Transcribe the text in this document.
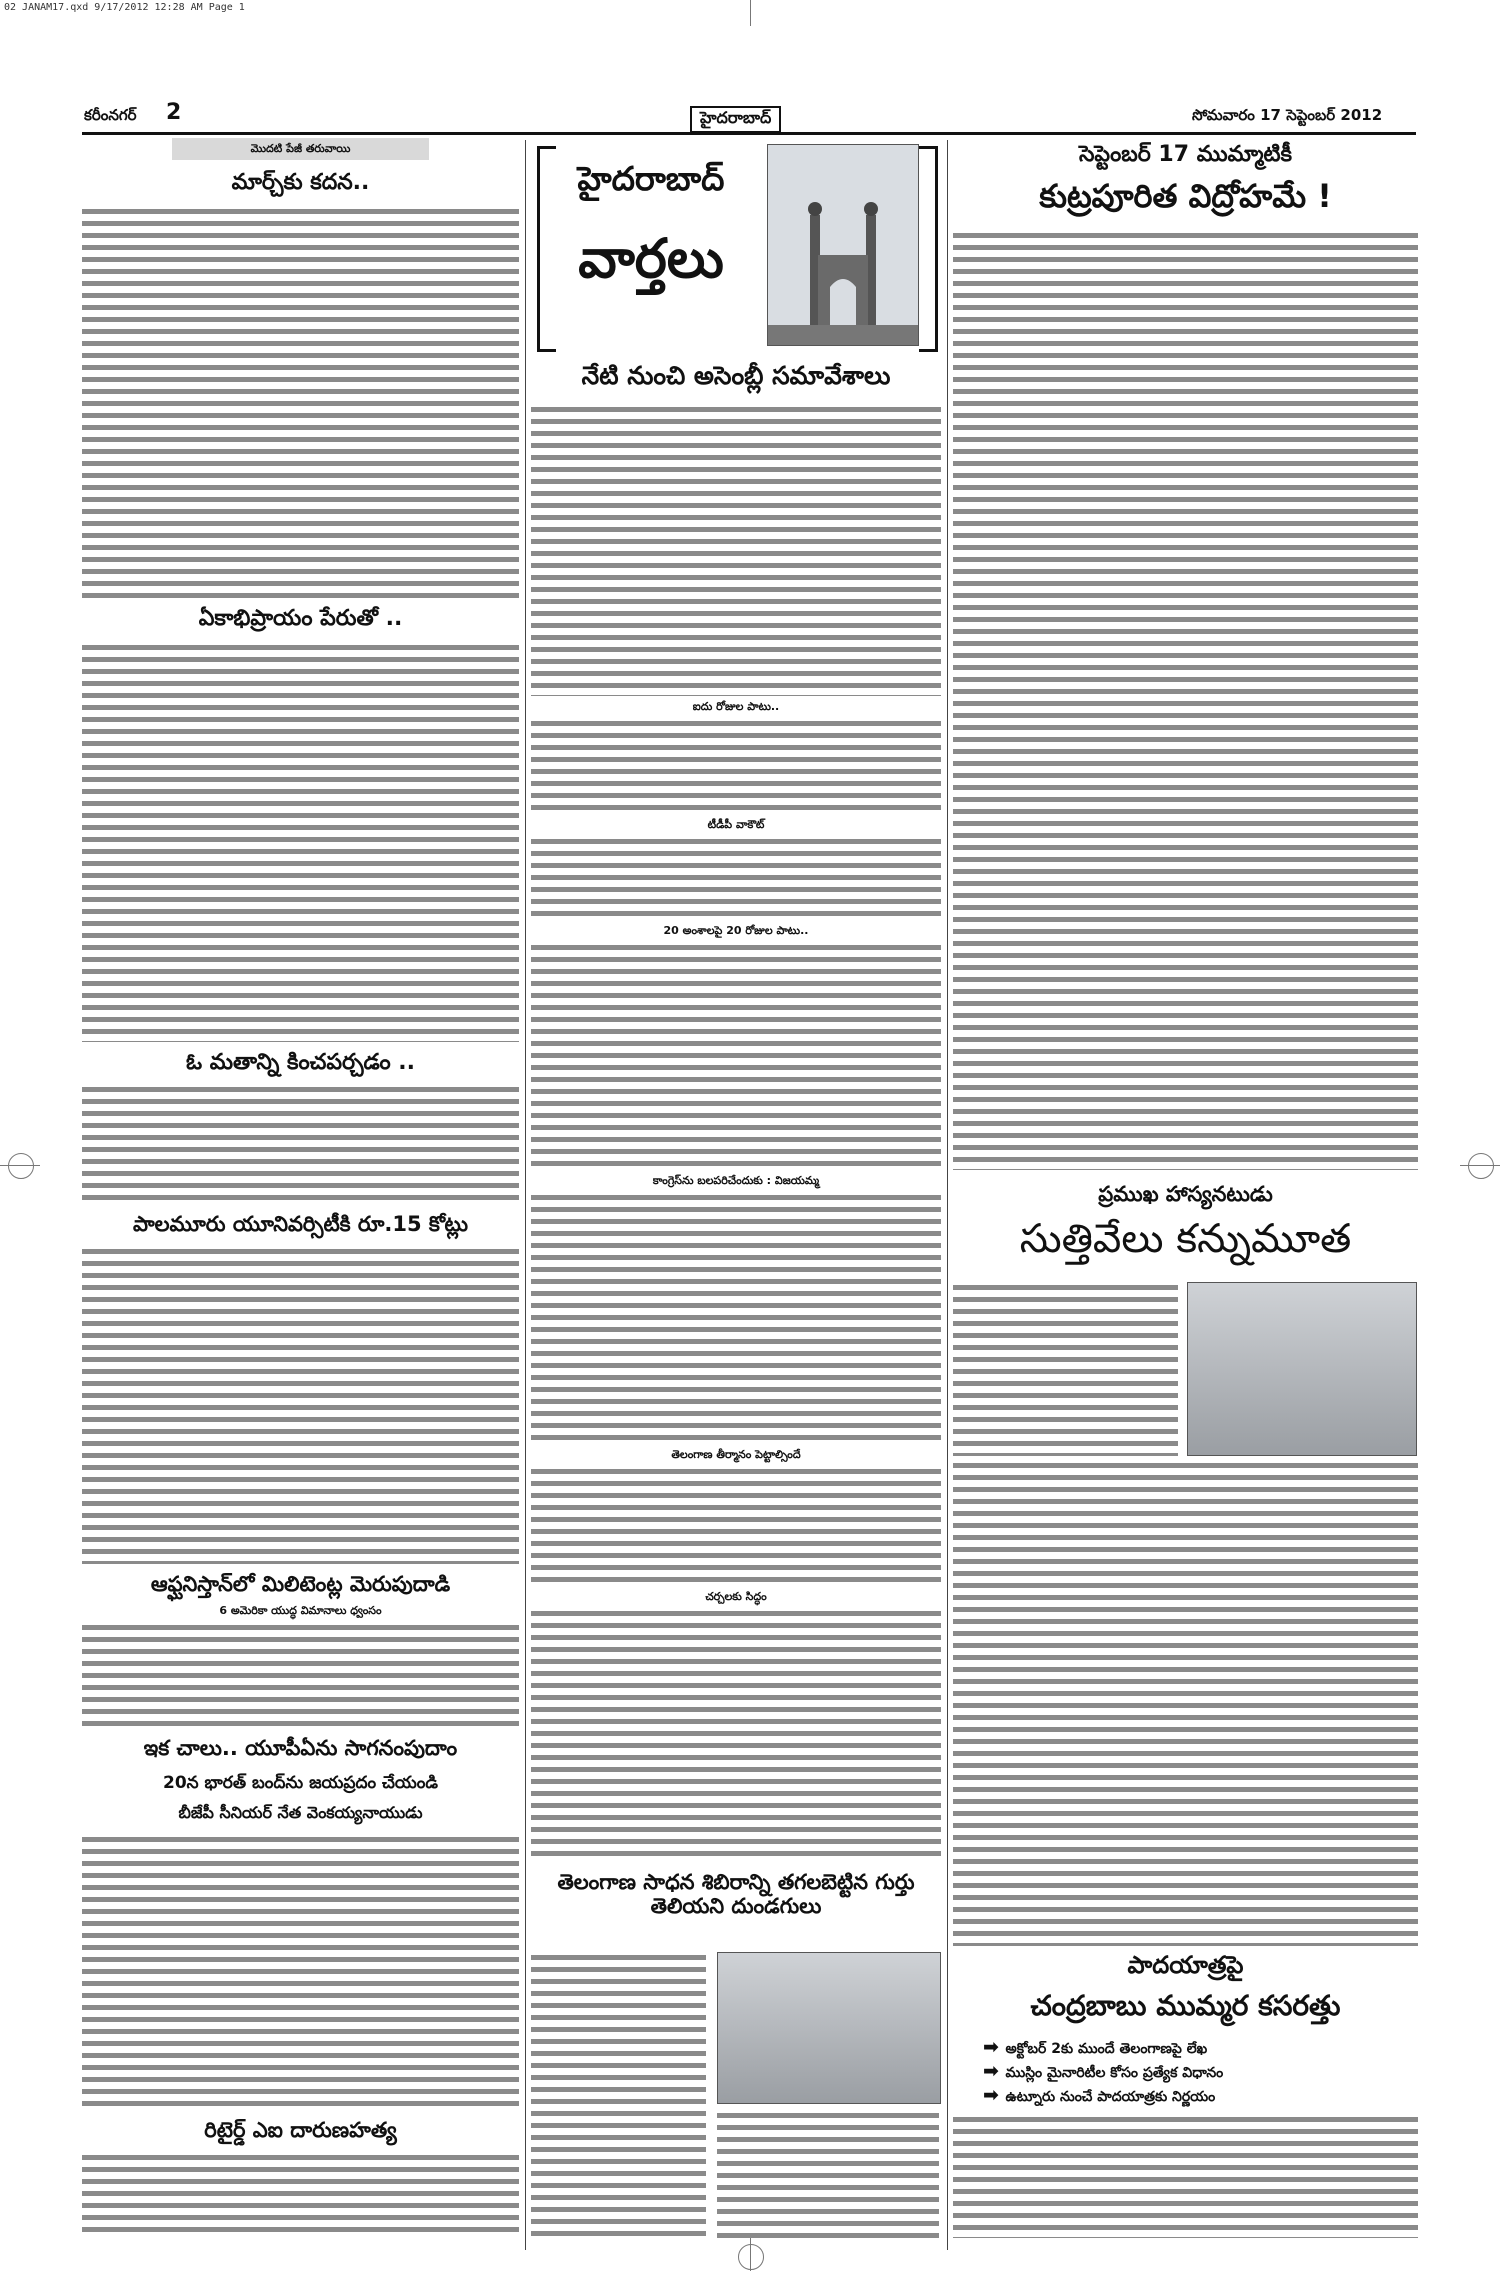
02 JANAM17.qxd 9/17/2012 12:28 AM Page 1
కరీంనగర్ 2	హైదరాబాద్	సోమవారం 17 సెప్టెంబర్ 2012
మొదటి పేజీ తరువాయి
మార్చ్‌కు కదన..
ఏకాభిప్రాయం పేరుతో ..
ఓ మతాన్ని కించపర్చడం ..
పాలమూరు యూనివర్సిటీకి రూ.15 కోట్లు
ఆఫ్ఘనిస్తాన్‌లో మిలిటెంట్ల మెరుపుదాడి
6 అమెరికా యుద్ధ విమానాలు ధ్వంసం
ఇక చాలు.. యూపీఏను సాగనంపుదాం
20న భారత్ బంద్‌ను జయప్రదం చేయండి
బీజేపీ సీనియర్ నేత వెంకయ్యనాయుడు
రిటైర్డ్ ఎఐ దారుణహత్య
హైదరాబాద్
వార్తలు
నేటి నుంచి అసెంబ్లీ సమావేశాలు
ఐదు రోజుల పాటు..
టీడీపీ వాకౌట్
20 అంశాలపై 20 రోజుల పాటు..
కాంగ్రెస్‌ను బలపరిచేందుకు : విజయమ్మ
తెలంగాణ తీర్మానం పెట్టాల్సిందే
చర్చలకు సిద్ధం
తెలంగాణ సాధన శిబిరాన్ని తగలబెట్టిన గుర్తు తెలియని దుండగులు
సెప్టెంబర్ 17 ముమ్మాటికీ
కుట్రపూరిత విద్రోహమే !
ప్రముఖ హాస్యనటుడు
సుత్తివేలు కన్నుమూత
పాదయాత్రపై
చంద్రబాబు ముమ్మర కసరత్తు
➡ అక్టోబర్ 2కు ముందే తెలంగాణపై లేఖ
➡ ముస్లిం మైనారిటీల కోసం ప్రత్యేక విధానం
➡ ఉట్నూరు నుంచే పాదయాత్రకు నిర్ణయం
